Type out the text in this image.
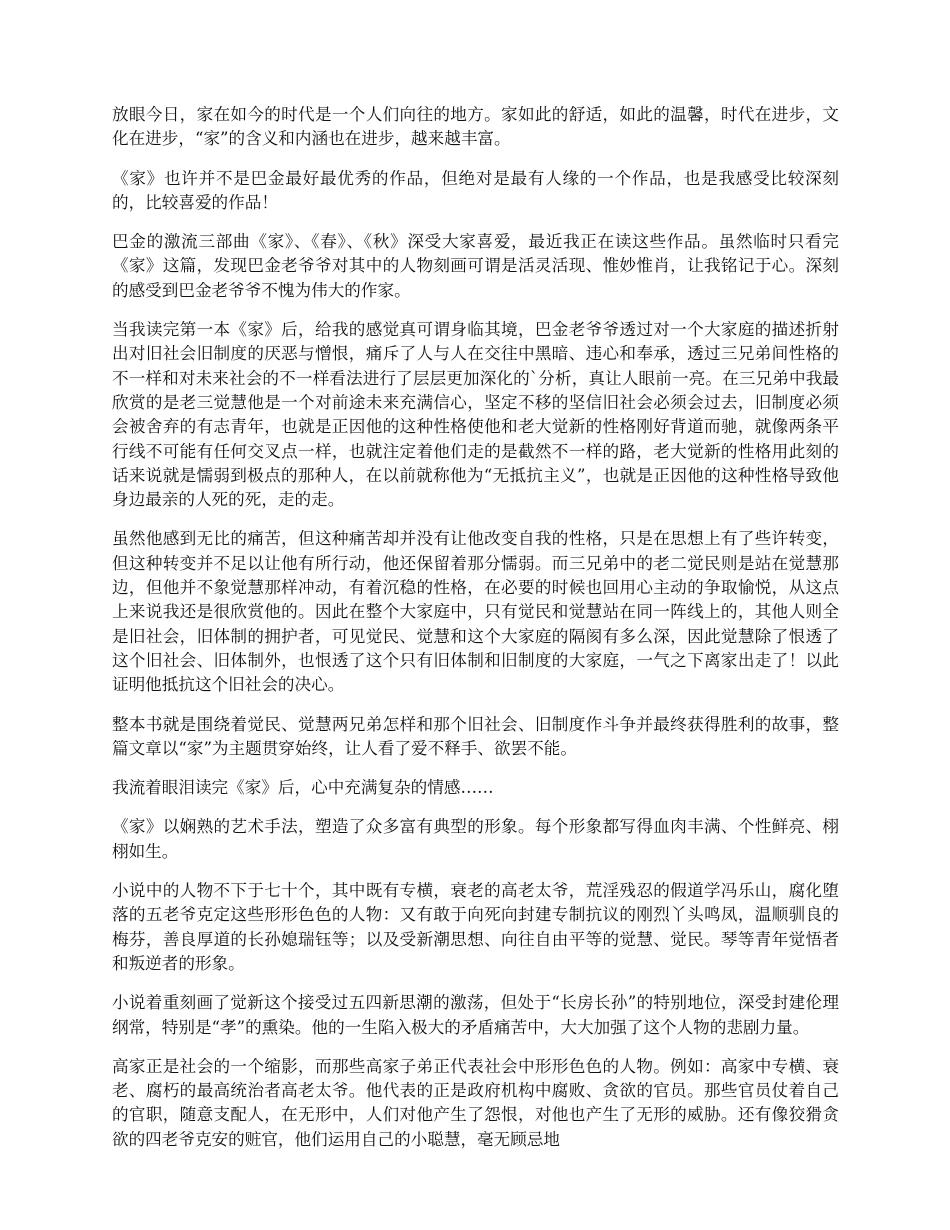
放眼今日，家在如今的时代是一个人们向往的地方。家如此的舒适，如此的温馨，时代在进步，文化在进步，“家”的含义和内涵也在进步，越来越丰富。

《家》也许并不是巴金最好最优秀的作品，但绝对是最有人缘的一个作品，也是我感受比较深刻的，比较喜爱的作品！

巴金的激流三部曲《家》、《春》、《秋》深受大家喜爱，最近我正在读这些作品。虽然临时只看完《家》这篇，发现巴金老爷爷对其中的人物刻画可谓是活灵活现、惟妙惟肖，让我铭记于心。深刻的感受到巴金老爷爷不愧为伟大的作家。

当我读完第一本《家》后，给我的感觉真可谓身临其境，巴金老爷爷透过对一个大家庭的描述折射出对旧社会旧制度的厌恶与憎恨，痛斥了人与人在交往中黑暗、违心和奉承，透过三兄弟间性格的不一样和对未来社会的不一样看法进行了层层更加深化的`分析，真让人眼前一亮。在三兄弟中我最欣赏的是老三觉慧他是一个对前途未来充满信心，坚定不移的坚信旧社会必须会过去，旧制度必须会被舍弃的有志青年，也就是正因他的这种性格使他和老大觉新的性格刚好背道而驰，就像两条平行线不可能有任何交叉点一样，也就注定着他们走的是截然不一样的路，老大觉新的性格用此刻的话来说就是懦弱到极点的那种人，在以前就称他为“无抵抗主义”，也就是正因他的这种性格导致他身边最亲的人死的死，走的走。

虽然他感到无比的痛苦，但这种痛苦却并没有让他改变自我的性格，只是在思想上有了些许转变，但这种转变并不足以让他有所行动，他还保留着那分懦弱。而三兄弟中的老二觉民则是站在觉慧那边，但他并不象觉慧那样冲动，有着沉稳的性格，在必要的时候也回用心主动的争取愉悦，从这点上来说我还是很欣赏他的。因此在整个大家庭中，只有觉民和觉慧站在同一阵线上的，其他人则全是旧社会，旧体制的拥护者，可见觉民、觉慧和这个大家庭的隔阂有多么深，因此觉慧除了恨透了这个旧社会、旧体制外，也恨透了这个只有旧体制和旧制度的大家庭，一气之下离家出走了！以此证明他抵抗这个旧社会的决心。

整本书就是围绕着觉民、觉慧两兄弟怎样和那个旧社会、旧制度作斗争并最终获得胜利的故事，整篇文章以“家”为主题贯穿始终，让人看了爱不释手、欲罢不能。

我流着眼泪读完《家》后，心中充满复杂的情感……

《家》以娴熟的艺术手法，塑造了众多富有典型的形象。每个形象都写得血肉丰满、个性鲜亮、栩栩如生。

小说中的人物不下于七十个，其中既有专横，衰老的高老太爷，荒淫残忍的假道学冯乐山，腐化堕落的五老爷克定这些形形色色的人物：又有敢于向死向封建专制抗议的刚烈丫头鸣凤，温顺驯良的梅芬，善良厚道的长孙媳瑞钰等；以及受新潮思想、向往自由平等的觉慧、觉民。琴等青年觉悟者和叛逆者的形象。

小说着重刻画了觉新这个接受过五四新思潮的激荡，但处于“长房长孙”的特别地位，深受封建伦理纲常，特别是“孝”的熏染。他的一生陷入极大的矛盾痛苦中，大大加强了这个人物的悲剧力量。

高家正是社会的一个缩影，而那些高家子弟正代表社会中形形色色的人物。例如：高家中专横、衰老、腐朽的最高统治者高老太爷。他代表的正是政府机构中腐败、贪欲的官员。那些官员仗着自己的官职，随意支配人，在无形中，人们对他产生了怨恨，对他也产生了无形的威胁。还有像狡猾贪欲的四老爷克安的赃官，他们运用自己的小聪慧，毫无顾忌地
